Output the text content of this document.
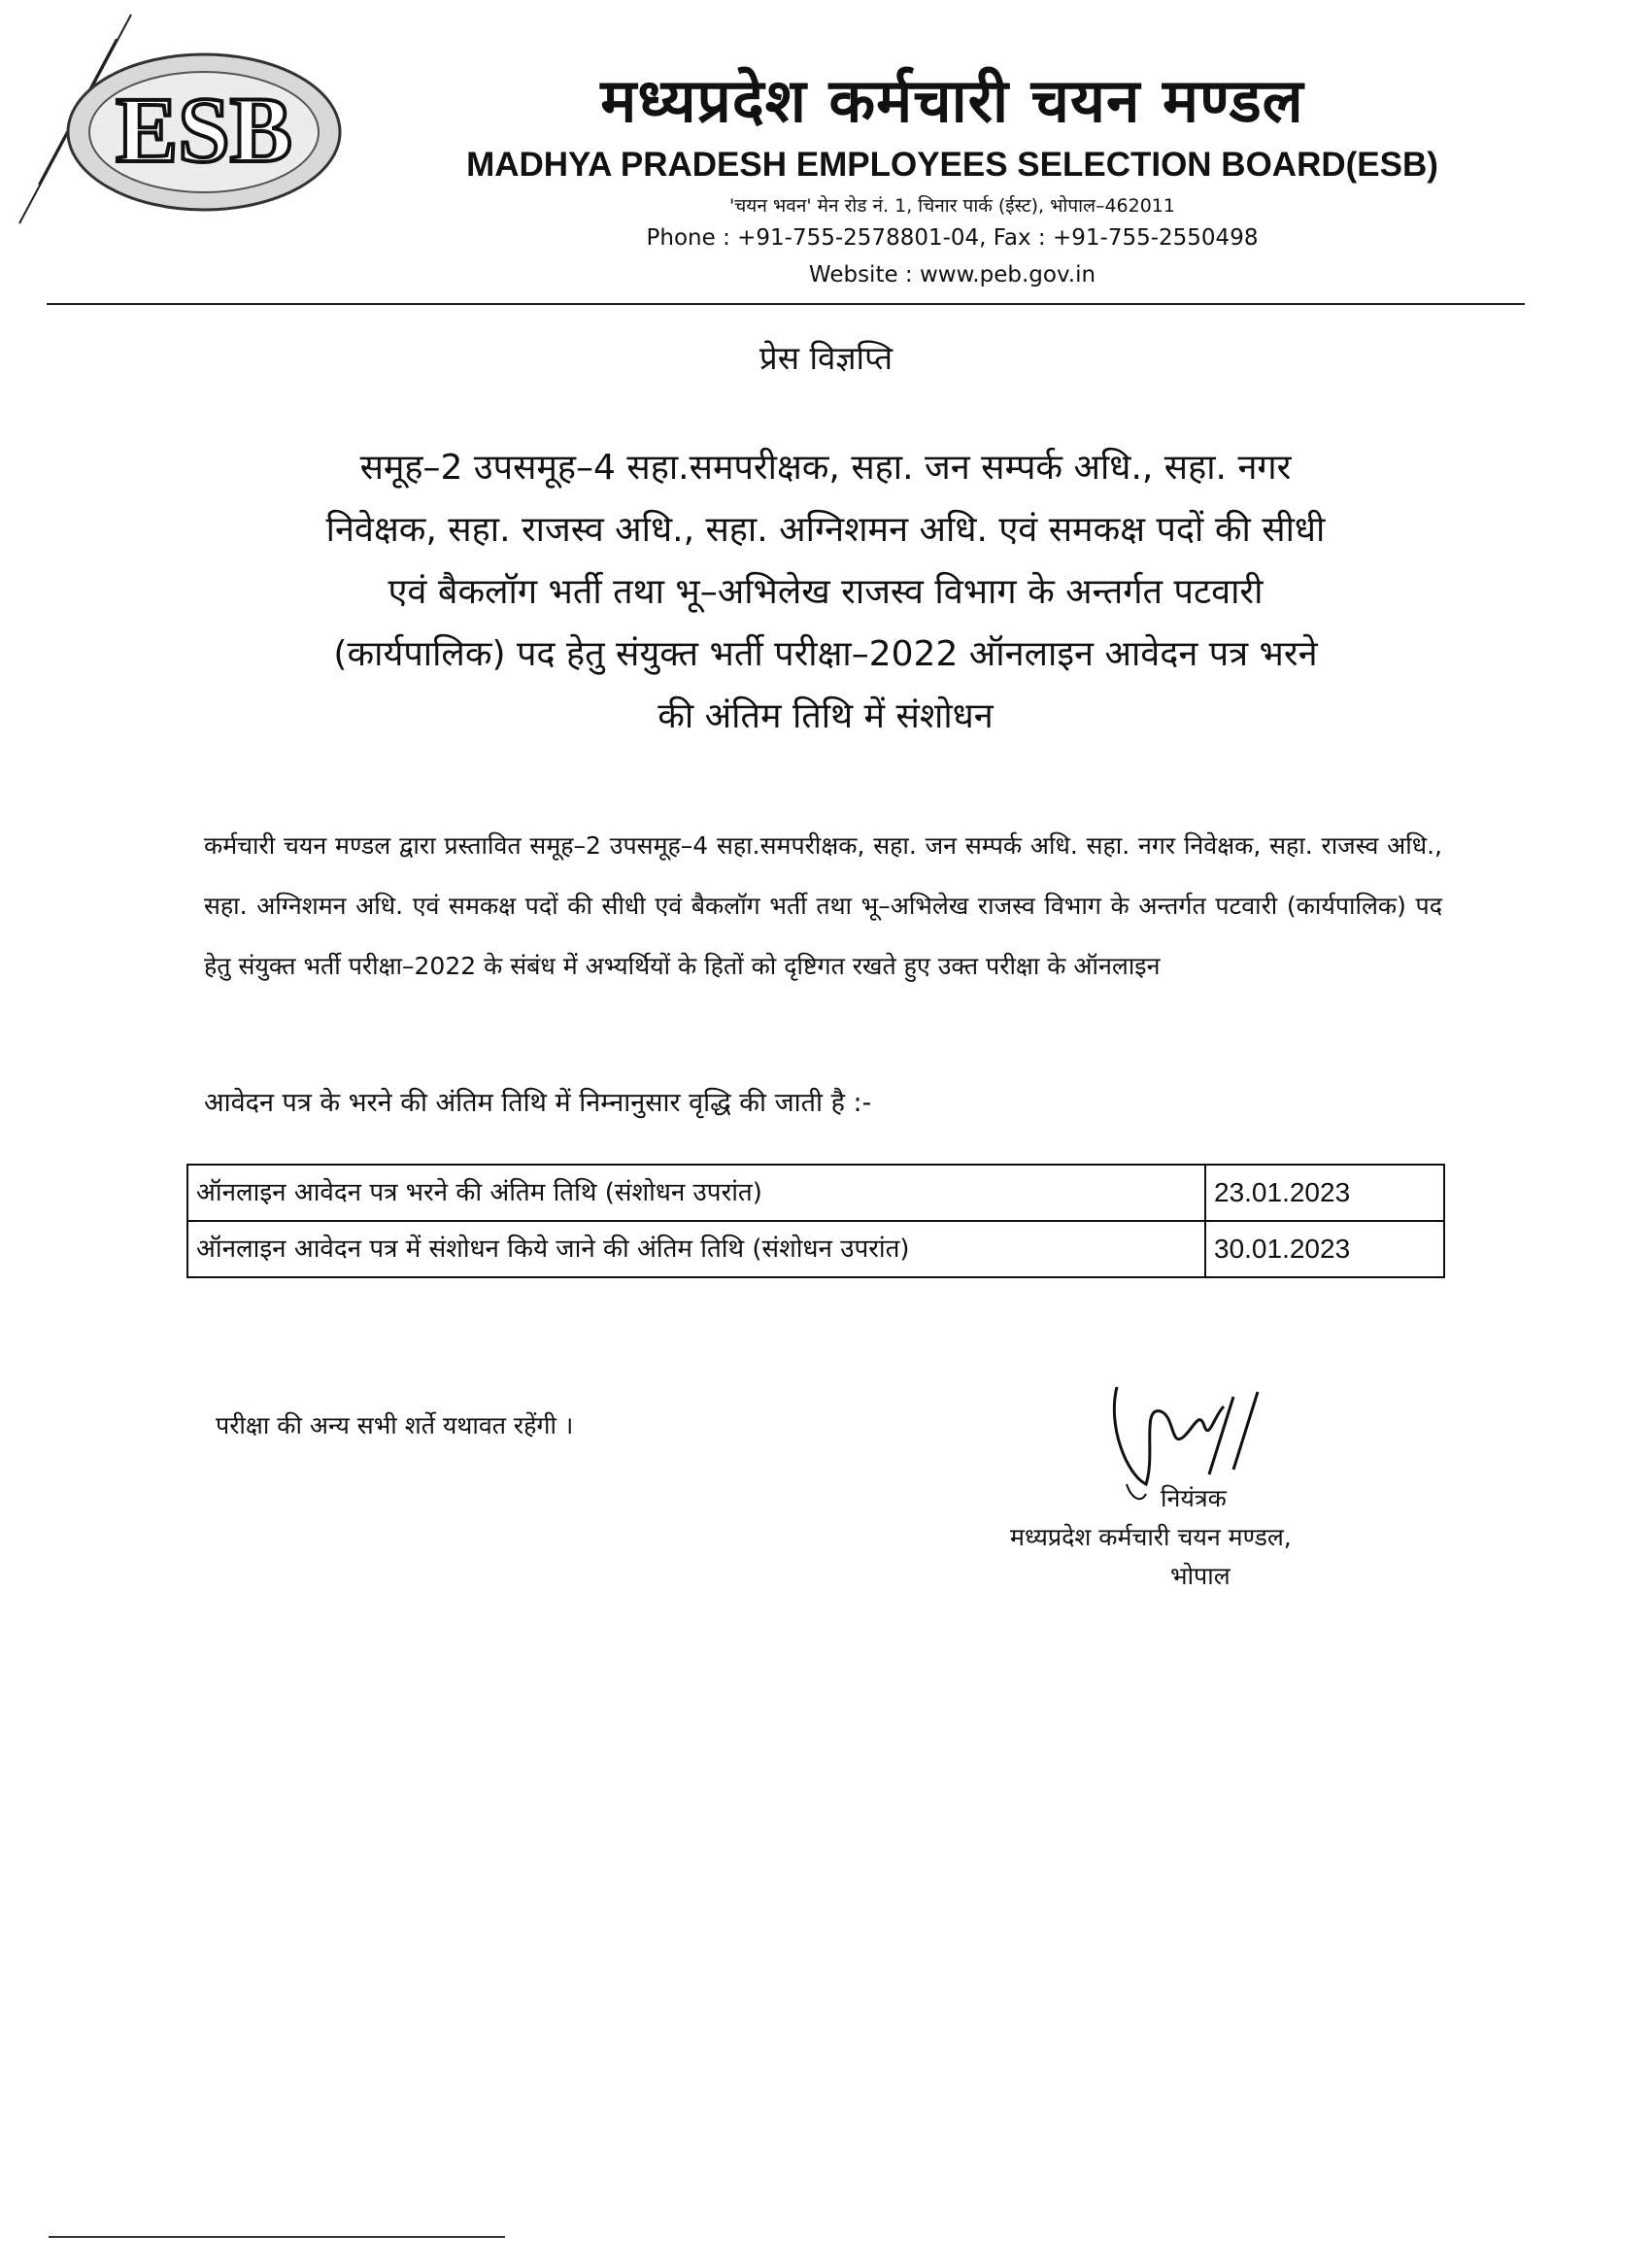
ESB	मध्यप्रदेश कर्मचारी चयन मण्डल
MADHYA PRADESH EMPLOYEES SELECTION BOARD(ESB)
'चयन भवन' मेन रोड नं. 1, चिनार पार्क (ईस्ट), भोपाल–462011
Phone : +91-755-2578801-04, Fax : +91-755-2550498
Website : www.peb.gov.in
प्रेस विज्ञप्ति
समूह–2 उपसमूह–4 सहा.समपरीक्षक, सहा. जन सम्पर्क अधि., सहा. नगर
निवेक्षक, सहा. राजस्व अधि., सहा. अग्निशमन अधि. एवं समकक्ष पदों की सीधी
एवं बैकलॉग भर्ती तथा भू–अभिलेख राजस्व विभाग के अन्तर्गत पटवारी
(कार्यपालिक) पद हेतु संयुक्त भर्ती परीक्षा–2022 ऑनलाइन आवेदन पत्र भरने
की अंतिम तिथि में संशोधन
कर्मचारी चयन मण्डल द्वारा प्रस्तावित समूह–2 उपसमूह–4 सहा.समपरीक्षक, सहा. जन सम्पर्क अधि. सहा. नगर निवेक्षक, सहा. राजस्व अधि., सहा. अग्निशमन अधि. एवं समकक्ष पदों की सीधी एवं बैकलॉग भर्ती तथा भू–अभिलेख राजस्व विभाग के अन्तर्गत पटवारी (कार्यपालिक) पद हेतु संयुक्त भर्ती परीक्षा–2022 के संबंध में अभ्यर्थियों के हितों को दृष्टिगत रखते हुए उक्त परीक्षा के ऑनलाइन
आवेदन पत्र के भरने की अंतिम तिथि में निम्नानुसार वृद्धि की जाती है :-
ऑनलाइन आवेदन पत्र भरने की अंतिम तिथि (संशोधन उपरांत)	23.01.2023
ऑनलाइन आवेदन पत्र में संशोधन किये जाने की अंतिम तिथि (संशोधन उपरांत)	30.01.2023
परीक्षा की अन्य सभी शर्ते यथावत रहेंगी ।
नियंत्रक
मध्यप्रदेश कर्मचारी चयन मण्डल,
भोपाल
